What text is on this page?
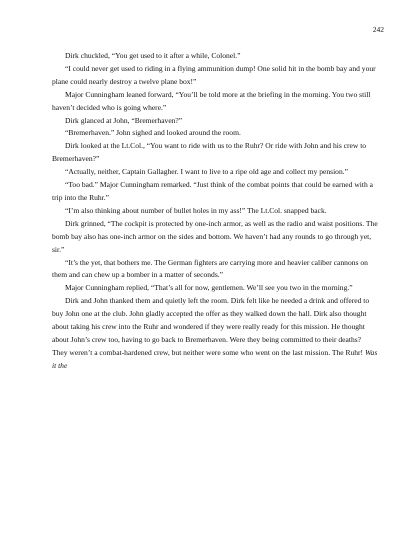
242

Dirk chuckled, “You get used to it after a while, Colonel.”

“I could never get used to riding in a flying ammunition dump! One solid hit in the bomb bay and your plane could nearly destroy a twelve plane box!”

Major Cunningham leaned forward, “You’ll be told more at the briefing in the morning. You two still haven’t decided who is going where.”

Dirk glanced at John, “Bremerhaven?”

“Bremerhaven.” John sighed and looked around the room.

Dirk looked at the Lt.Col., “You want to ride with us to the Ruhr? Or ride with John and his crew to Bremerhaven?”

“Actually, neither, Captain Gallagher. I want to live to a ripe old age and collect my pension.”

“Too bad.” Major Cunningham remarked. “Just think of the combat points that could be earned with a trip into the Ruhr.”

“I’m also thinking about number of bullet holes in my ass!” The Lt.Col. snapped back.

Dirk grinned, “The cockpit is protected by one-inch armor, as well as the radio and waist positions. The bomb bay also has one-inch armor on the sides and bottom. We haven’t had any rounds to go through yet, sir.”

“It’s the yet, that bothers me. The German fighters are carrying more and heavier caliber cannons on them and can chew up a bomber in a matter of seconds.”

Major Cunningham replied, “That’s all for now, gentlemen. We’ll see you two in the morning.”

Dirk and John thanked them and quietly left the room. Dirk felt like he needed a drink and offered to buy John one at the club. John gladly accepted the offer as they walked down the hall. Dirk also thought about taking his crew into the Ruhr and wondered if they were really ready for this mission. He thought about John’s crew too, having to go back to Bremerhaven. Were they being committed to their deaths? They weren’t a combat-hardened crew, but neither were some who went on the last mission. The Ruhr! Was it the
